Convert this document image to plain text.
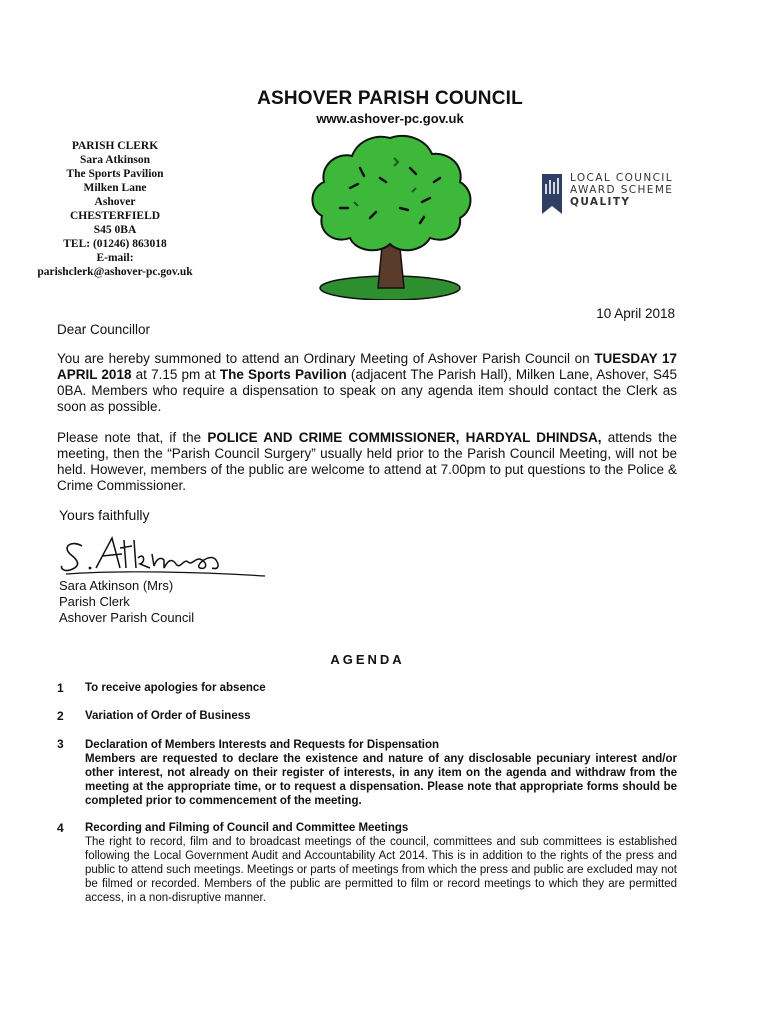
ASHOVER PARISH COUNCIL
www.ashover-pc.gov.uk
PARISH CLERK
Sara Atkinson
The Sports Pavilion
Milken Lane
Ashover
CHESTERFIELD
S45 0BA
TEL: (01246) 863018
E-mail:
parishclerk@ashover-pc.gov.uk
LOCAL COUNCIL
AWARD SCHEME
QUALITY
10 April 2018
Dear Councillor
You are hereby summoned to attend an Ordinary Meeting of Ashover Parish Council on TUESDAY 17 APRIL 2018 at 7.15 pm at The Sports Pavilion (adjacent The Parish Hall), Milken Lane, Ashover, S45 0BA. Members who require a dispensation to speak on any agenda item should contact the Clerk as soon as possible.
Please note that, if the POLICE AND CRIME COMMISSIONER, HARDYAL DHINDSA, attends the meeting, then the “Parish Council Surgery” usually held prior to the Parish Council Meeting, will not be held. However, members of the public are welcome to attend at 7.00pm to put questions to the Police & Crime Commissioner.
Yours faithfully
Sara Atkinson (Mrs)
Parish Clerk
Ashover Parish Council
AGENDA
1 To receive apologies for absence
2 Variation of Order of Business
3 Declaration of Members Interests and Requests for Dispensation
Members are requested to declare the existence and nature of any disclosable pecuniary interest and/or other interest, not already on their register of interests, in any item on the agenda and withdraw from the meeting at the appropriate time, or to request a dispensation. Please note that appropriate forms should be completed prior to commencement of the meeting.
4 Recording and Filming of Council and Committee Meetings
The right to record, film and to broadcast meetings of the council, committees and sub committees is established following the Local Government Audit and Accountability Act 2014. This is in addition to the rights of the press and public to attend such meetings. Meetings or parts of meetings from which the press and public are excluded may not be filmed or recorded. Members of the public are permitted to film or record meetings to which they are permitted access, in a non-disruptive manner.
